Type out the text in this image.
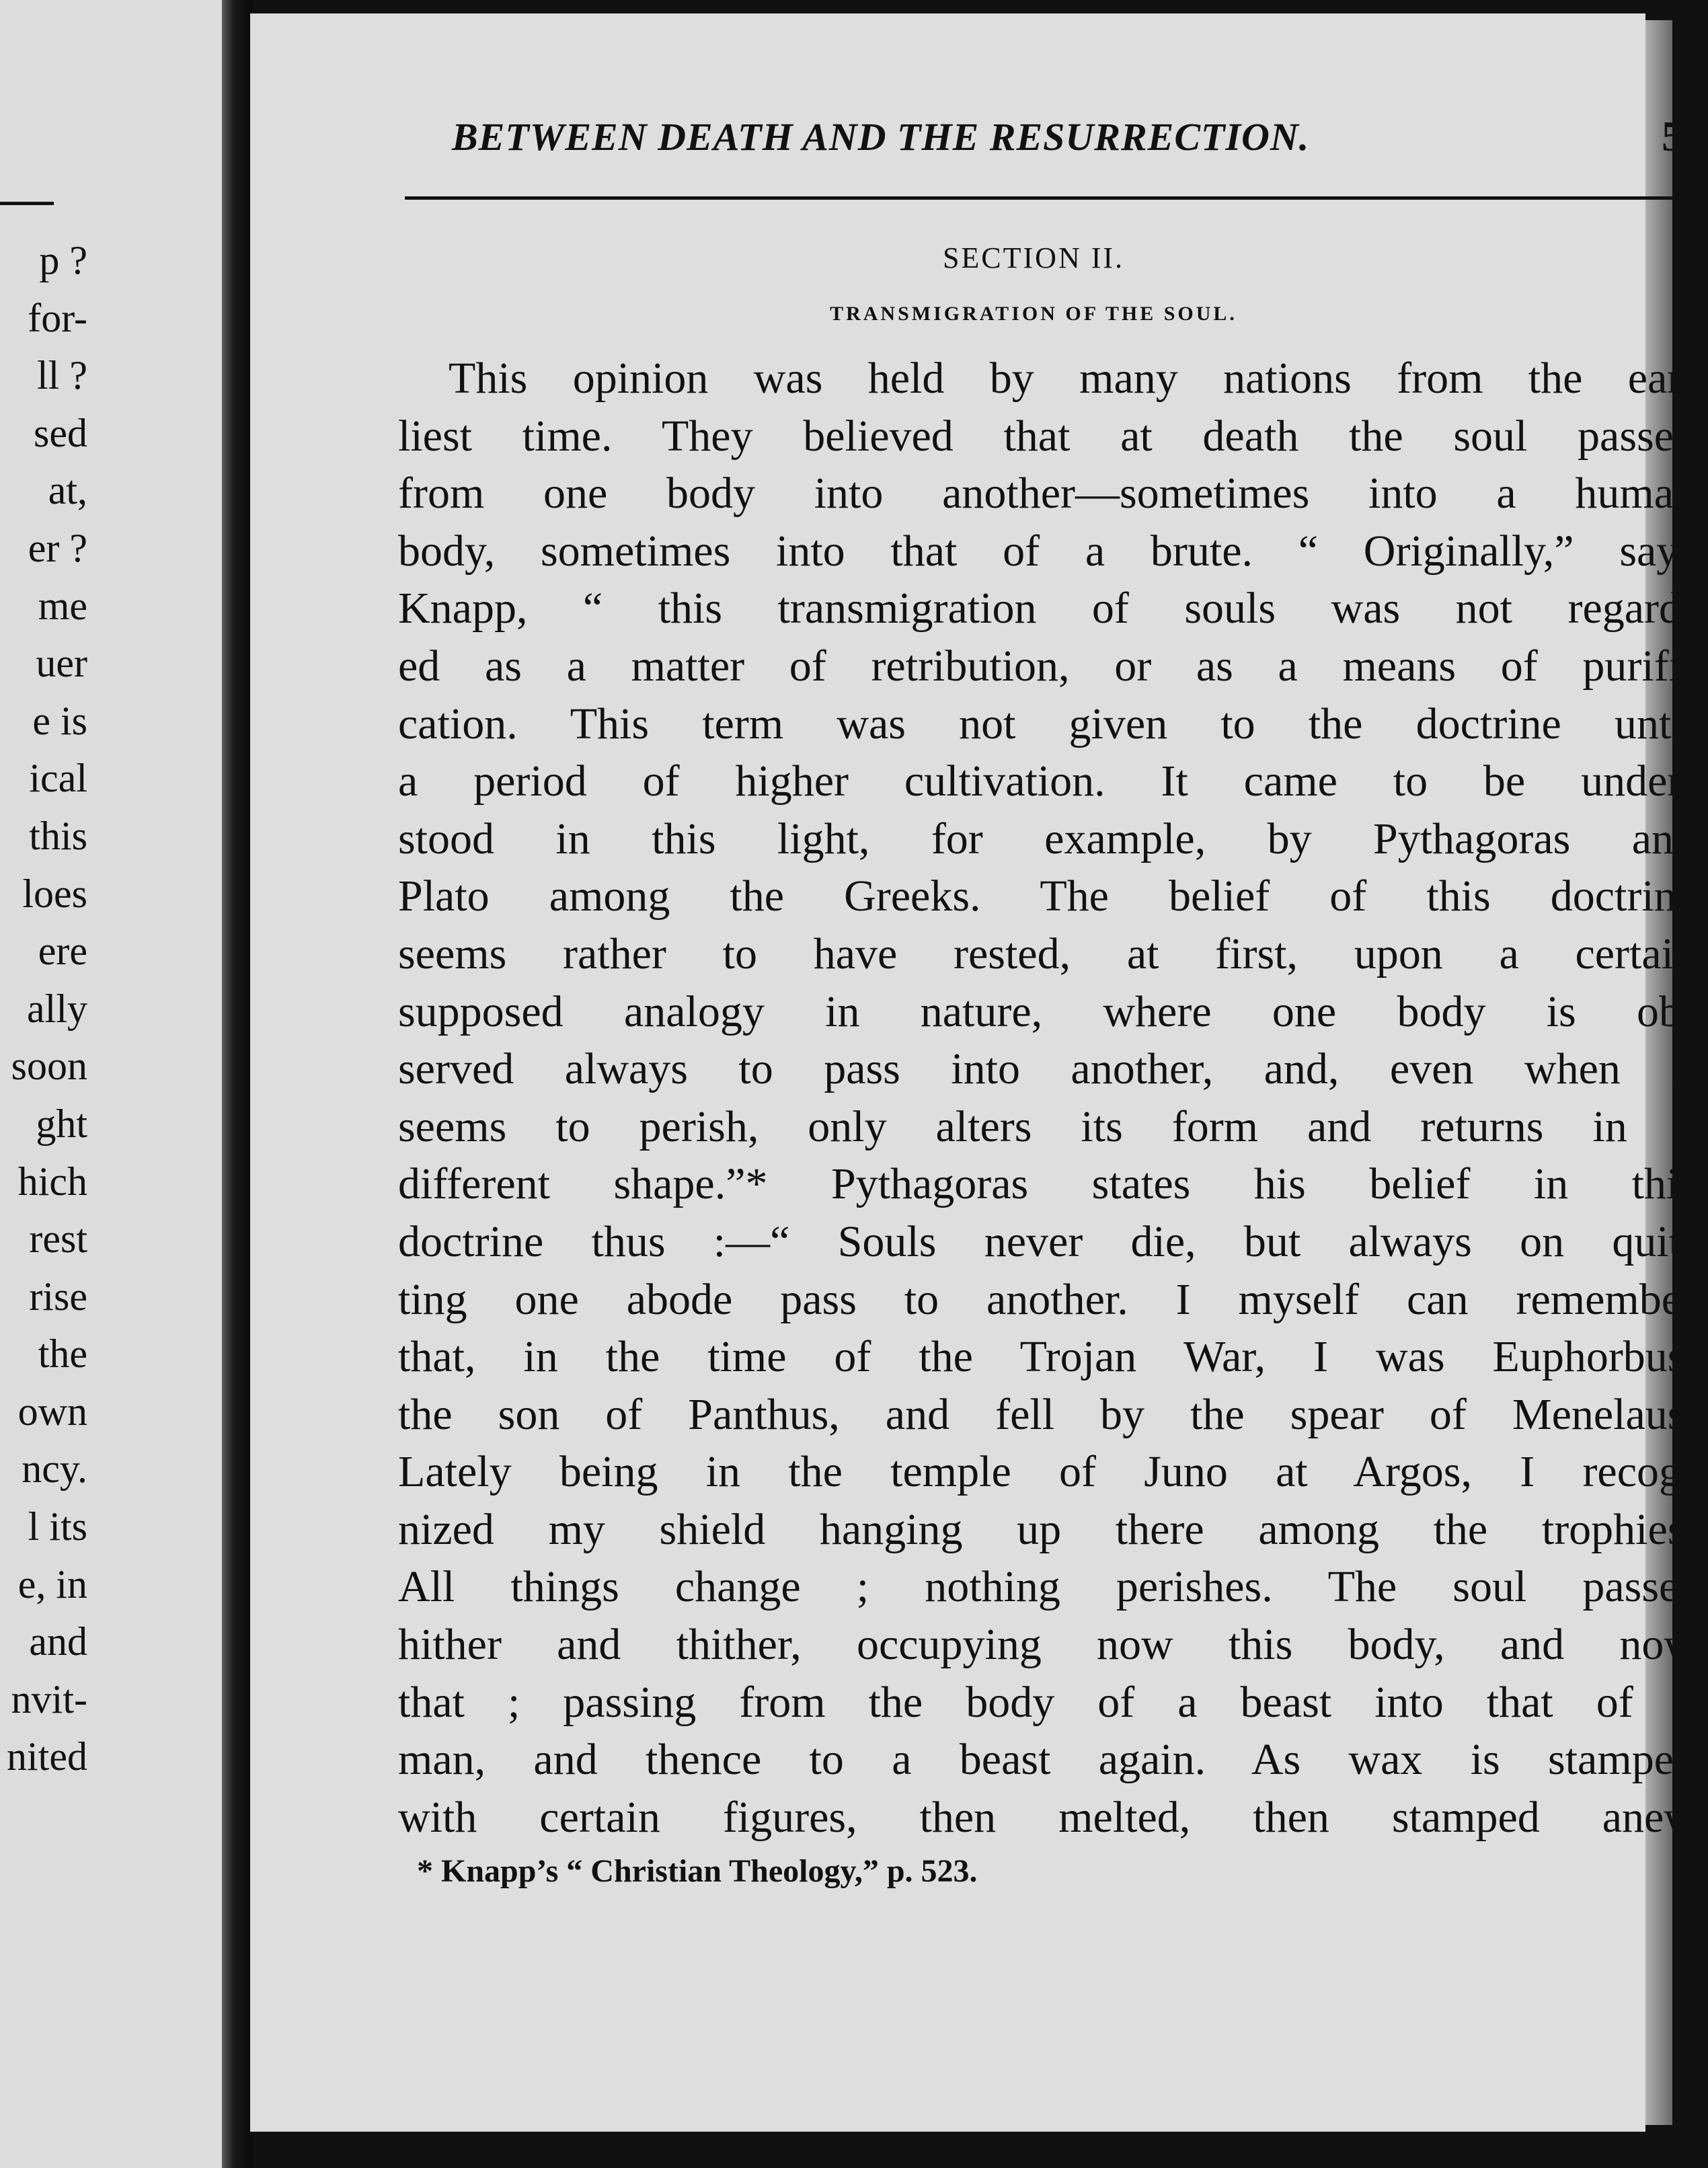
p ?
for-
ll ?
sed
at,
er ?
me
uer
e is
ical
this
loes
ere
ally
soon
ght
hich
rest
rise
the
own
ncy.
l its
e, in
and
nvit-
nited
BETWEEN DEATH AND THE RESURRECTION.	55
SECTION II.
TRANSMIGRATION OF THE SOUL.
This opinion was held by many nations from the ear-
liest time. They believed that at death the soul passed
from one body into another—sometimes into a human
body, sometimes into that of a brute. “ Originally,” says
Knapp, “ this transmigration of souls was not regard-
ed as a matter of retribution, or as a means of purifi-
cation. This term was not given to the doctrine until
a period of higher cultivation. It came to be under-
stood in this light, for example, by Pythagoras and
Plato among the Greeks. The belief of this doctrine
seems rather to have rested, at first, upon a certain
supposed analogy in nature, where one body is ob-
served always to pass into another, and, even when it
seems to perish, only alters its form and returns in a
different shape.”* Pythagoras states his belief in this
doctrine thus :—“ Souls never die, but always on quit-
ting one abode pass to another. I myself can remember
that, in the time of the Trojan War, I was Euphorbus,
the son of Panthus, and fell by the spear of Menelaus.
Lately being in the temple of Juno at Argos, I recog-
nized my shield hanging up there among the trophies.
All things change ; nothing perishes. The soul passes
hither and thither, occupying now this body, and now
that ; passing from the body of a beast into that of a
man, and thence to a beast again. As wax is stamped
with certain figures, then melted, then stamped anew
* Knapp’s “ Christian Theology,” p. 523.
